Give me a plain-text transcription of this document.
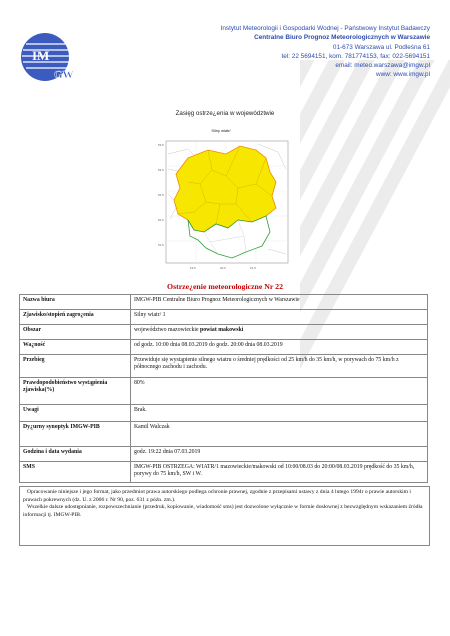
IM
GW
Instytut Meteorologii i Gospodarki Wodnej - Państwowy Instytut Badawczy
Centralne Biuro Prognoz Meteorologicznych w Warszawie
01-673 Warszawa ul. Podleśna 61
tel: 22 5694151, kom. 781774153, fax: 022-5694151
email: meteo.warszawa@imgw.pl
www: www.imgw.pl
Zasięg ostrze¿enia w województwie
Silny wiatr/
53.5
53.0
52.5
52.0
51.5
19.5	20.5	21.5
Ostrze¿enie meteorologiczne Nr 22
Nazwa biura	IMGW-PIB Centralne Biuro Prognoz Meteorologicznych w Warszawie
Zjawisko/stopień zagro¿enia	Silny wiatr/ 1
Obszar	województwo mazowieckie powiat makowski
Wa¿ność	od godz. 10:00 dnia 08.03.2019 do godz. 20:00 dnia 08.03.2019
Przebieg	Przewiduje się wystąpienie silnego wiatru o średniej prędkości od 25 km/h do 35 km/h, w porywach do 75 km/h z północnego zachodu i zachodu.
Prawdopodobieństwo wystąpienia zjawiska(%)	80%
Uwagi	Brak.
Dy¿urny synoptyk IMGW-PIB	Kamil Walczak
Godzina i data wydania	godz. 19:22 dnia 07.03.2019
SMS	IMGW-PIB OSTRZEGA: WIATR/1 mazowieckie/makowski od 10:00/08.03 do 20:00/08.03.2019 prędkość do 35 km/h, porywy do 75 km/h, SW i W.
Opracowanie niniejsze i jego format, jako przedmiot prawa autorskiego podlega ochronie prawnej, zgodnie z przepisami ustawy z dnia 4 lutego 1994r o prawie autorskim i prawach pokrewnych (dz. U. z 2006 r. Nr 90, poz. 631 z późn. zm.).
Wszelkie dalsze udostępnianie, rozpowszechnianie (przedruk, kopiowanie, wiadomość sms) jest dozwolone wyłącznie w formie dosłownej z bezwzględnym wskazaniem źródła informacji tj. IMGW-PIB.
